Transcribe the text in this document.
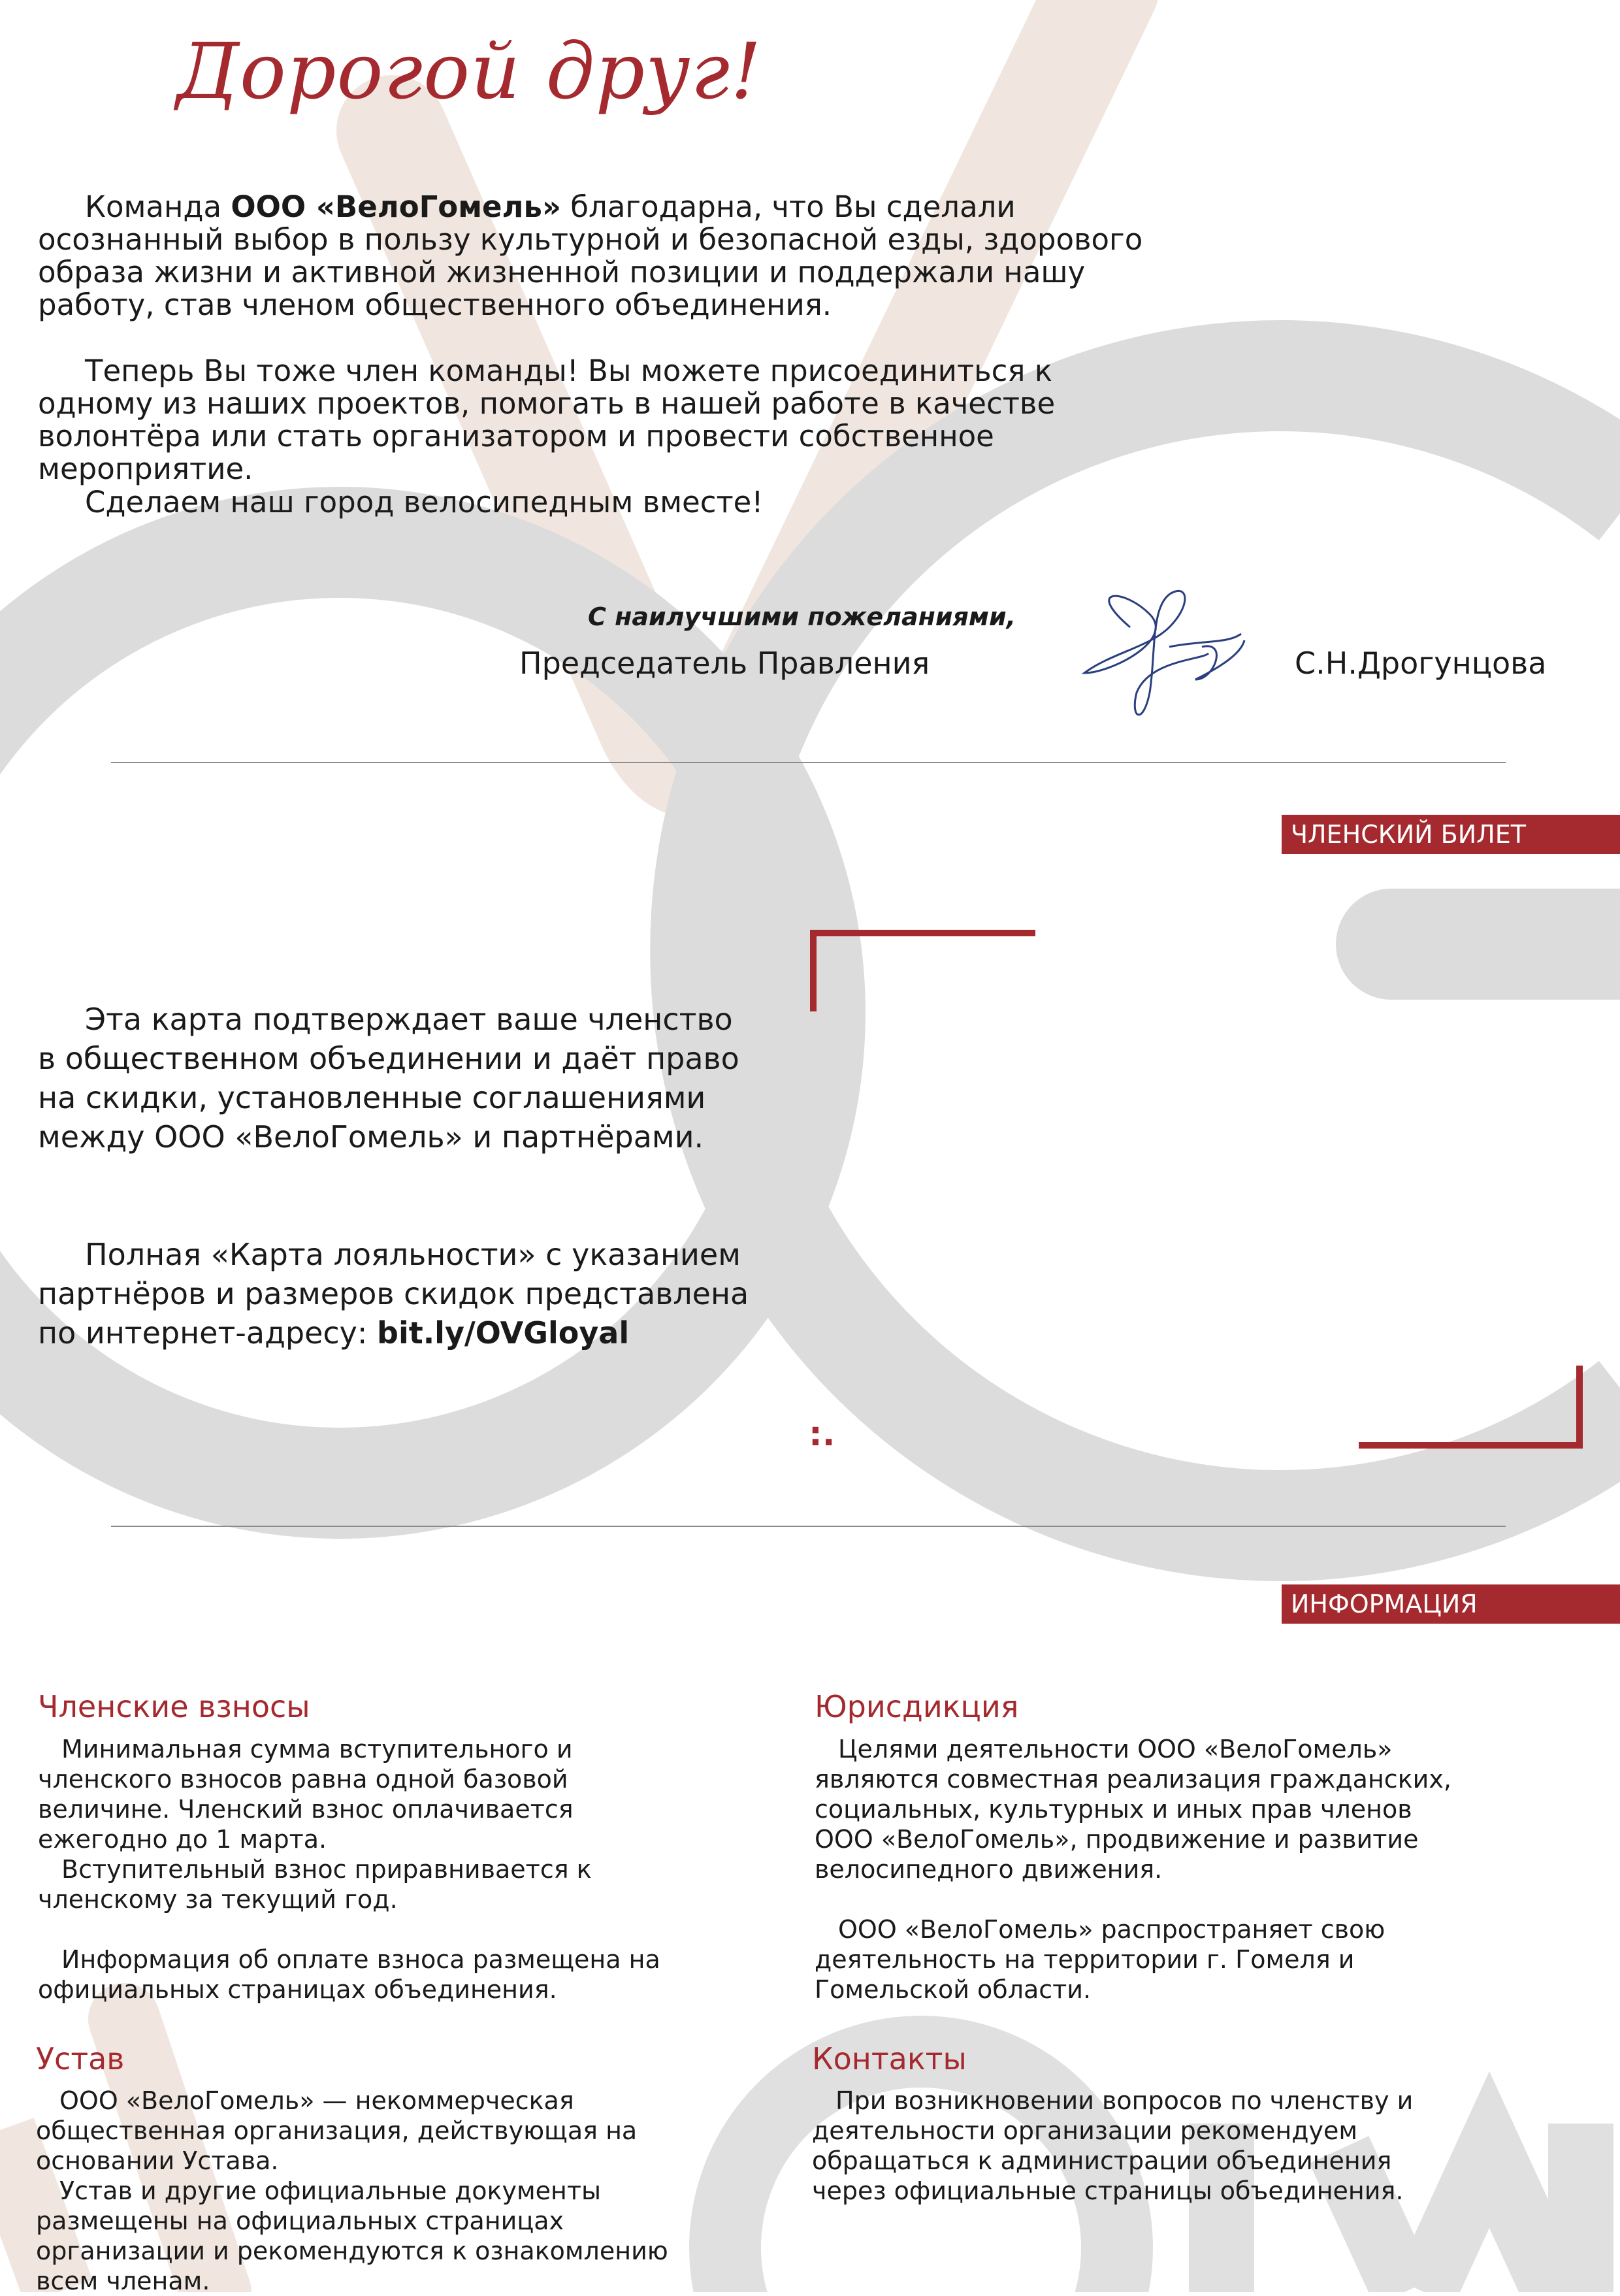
Дорогой друг!

Команда ООО «ВелоГомель» благодарна, что Вы сделали осознанный выбор в пользу культурной и безопасной езды, здорового образа жизни и активной жизненной позиции и поддержали нашу работу, став членом общественного объединения.

Теперь Вы тоже член команды! Вы можете присоединиться к одному из наших проектов, помогать в нашей работе в качестве волонтёра или стать организатором и провести собственное мероприятие.

Сделаем наш город велосипедным вместе!

С наилучшими пожеланиями,
Председатель Правления	С.Н.Дрогунцова
ЧЛЕНСКИЙ БИЛЕТ

Эта карта подтверждает ваше членство в общественном объединении и даёт право на скидки, установленные соглашениями между ООО «ВелоГомель» и партнёрами.

Полная «Карта лояльности» с указанием партнёров и размеров скидок представлена по интернет-адресу: bit.ly/OVGloyal

:.
ИНФОРМАЦИЯ
Членские взносы

Минимальная сумма вступительного и членского взносов равна одной базовой величине. Членский взнос оплачивается ежегодно до 1 марта.

Вступительный взнос приравнивается к членскому за текущий год.

Информация об оплате взноса размещена на официальных страницах объединения.

Юрисдикция

Целями деятельности ООО «ВелоГомель» являются совместная реализация гражданских, социальных, культурных и иных прав членов ООО «ВелоГомель», продвижение и развитие велосипедного движения.

ООО «ВелоГомель» распространяет свою деятельность на территории г. Гомеля и Гомельской области.

Устав

ООО «ВелоГомель» — некоммерческая общественная организация, действующая на основании Устава.

Устав и другие официальные документы размещены на официальных страницах организации и рекомендуются к ознакомлению всем членам.

Контакты

При возникновении вопросов по членству и деятельности организации рекомендуем обращаться к администрации объединения через официальные страницы объединения.
